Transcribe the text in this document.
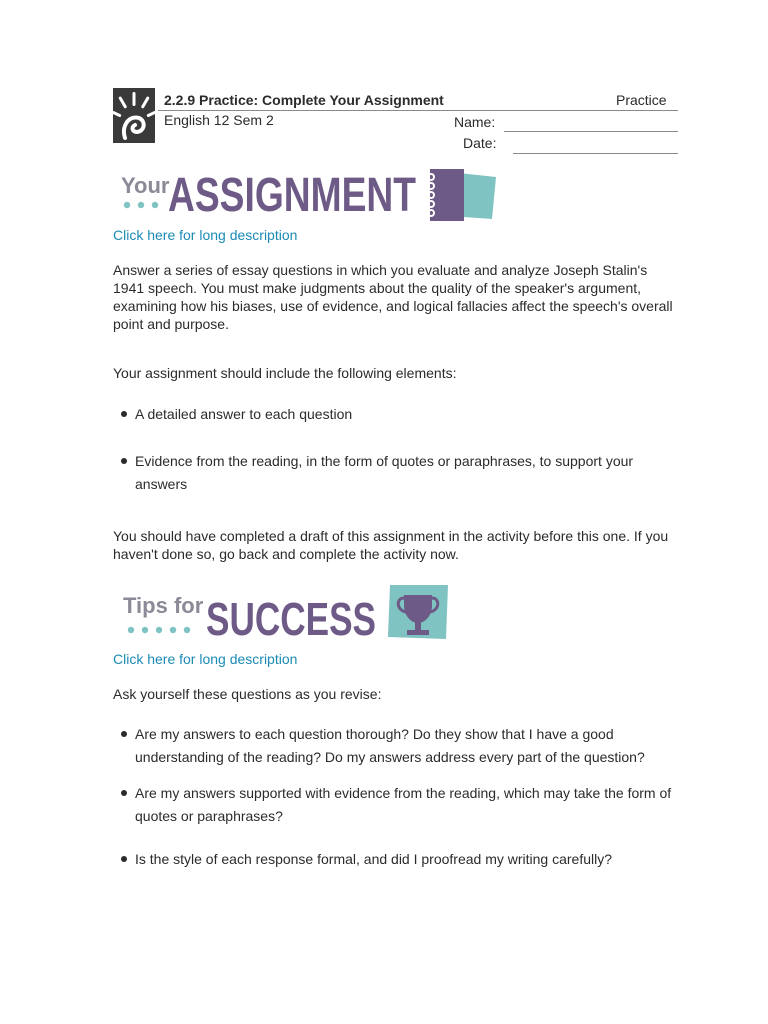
2.2.9 Practice: Complete Your Assignment	Practice
English 12 Sem 2	Name:
Date:
Your
ASSIGNMENT
Click here for long description
Answer a series of essay questions in which you evaluate and analyze Joseph Stalin's 1941 speech. You must make judgments about the quality of the speaker's argument, examining how his biases, use of evidence, and logical fallacies affect the speech's overall point and purpose.
Your assignment should include the following elements:
A detailed answer to each question
Evidence from the reading, in the form of quotes or paraphrases, to support your answers
You should have completed a draft of this assignment in the activity before this one. If you haven't done so, go back and complete the activity now.
Tips for SUCCESS
Click here for long description
Ask yourself these questions as you revise:
Are my answers to each question thorough? Do they show that I have a good understanding of the reading? Do my answers address every part of the question?
Are my answers supported with evidence from the reading, which may take the form of quotes or paraphrases?
Is the style of each response formal, and did I proofread my writing carefully?
